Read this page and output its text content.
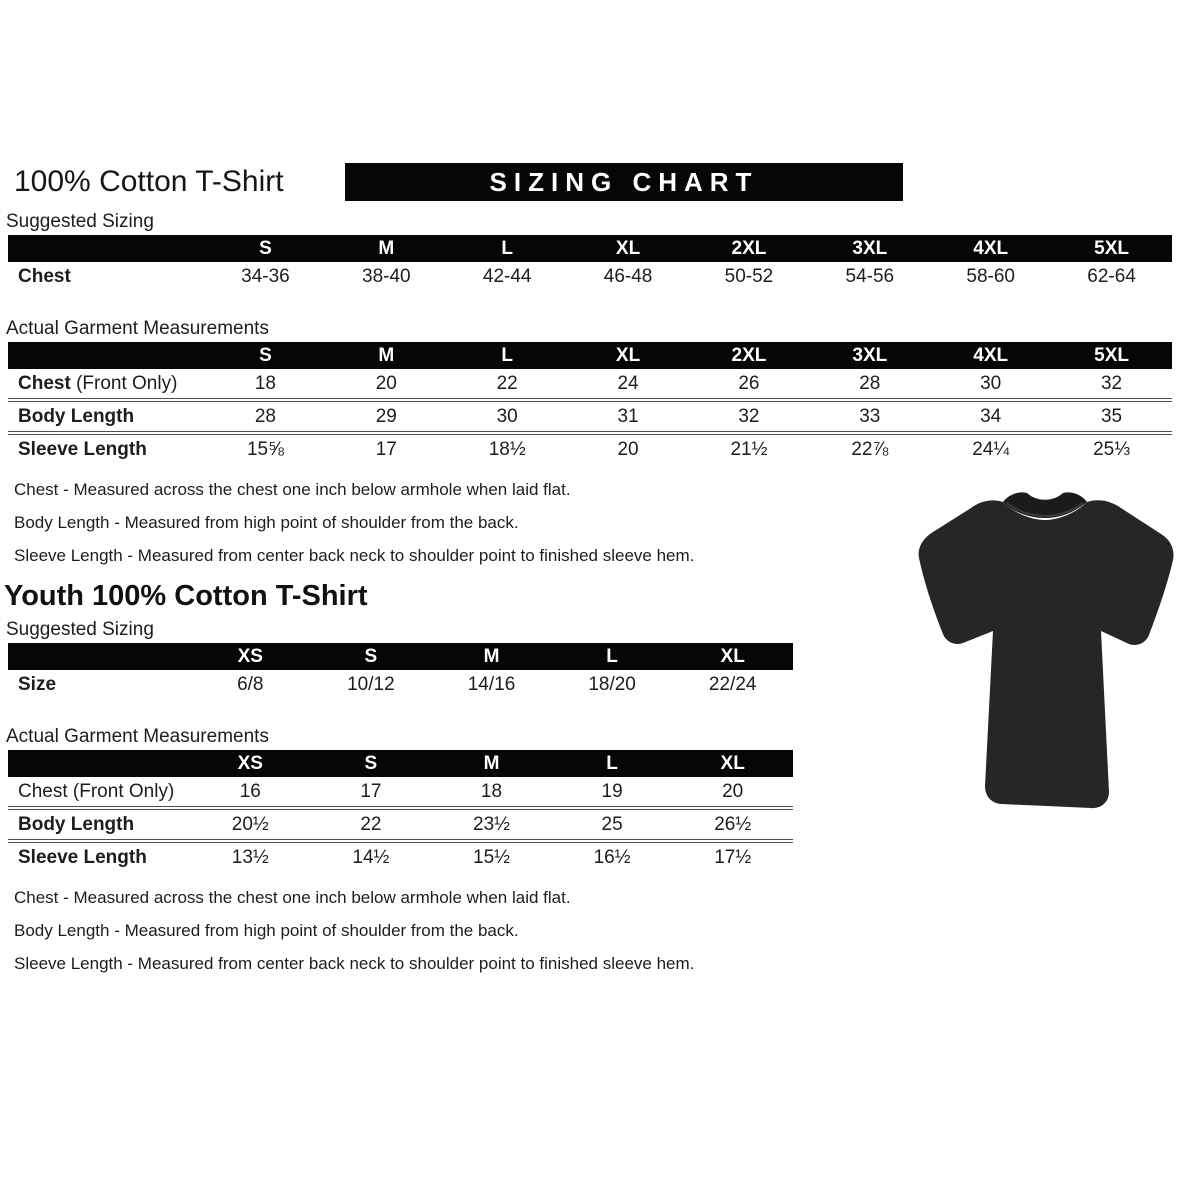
100% Cotton T-Shirt	SIZING CHART
Suggested Sizing
S	M	L	XL	2XL	3XL	4XL	5XL
Chest	34-36	38-40	42-44	46-48	50-52	54-56	58-60	62-64
Actual Garment Measurements
S	M	L	XL	2XL	3XL	4XL	5XL
Chest (Front Only)	18	20	22	24	26	28	30	32
Body Length	28	29	30	31	32	33	34	35
Sleeve Length	15⅝	17	18½	20	21½	22⅞	24¼	25⅓

Chest - Measured across the chest one inch below armhole when laid flat.

Body Length - Measured from high point of shoulder from the back.

Sleeve Length - Measured from center back neck to shoulder point to finished sleeve hem.

Youth 100% Cotton T-Shirt
Suggested Sizing
XS	S	M	L	XL
Size	6/8	10/12	14/16	18/20	22/24
Actual Garment Measurements
XS	S	M	L	XL
Chest (Front Only)	16	17	18	19	20
Body Length	20½	22	23½	25	26½
Sleeve Length	13½	14½	15½	16½	17½

Chest - Measured across the chest one inch below armhole when laid flat.

Body Length - Measured from high point of shoulder from the back.

Sleeve Length - Measured from center back neck to shoulder point to finished sleeve hem.
